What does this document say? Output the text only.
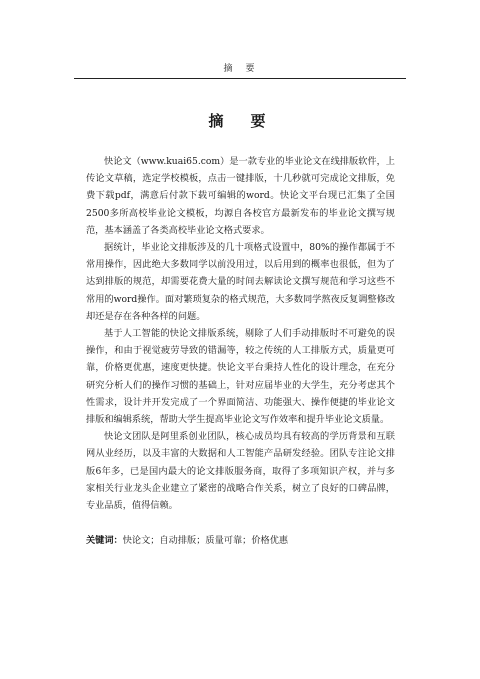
摘　要
摘　要

快论文（www.kuai65.com）是一款专业的毕业论文在线排版软件，上传论文草稿，选定学校模板，点击一键排版，十几秒就可完成论文排版，免费下载pdf，满意后付款下载可编辑的word。快论文平台现已汇集了全国2500多所高校毕业论文模板，均源自各校官方最新发布的毕业论文撰写规范，基本涵盖了各类高校毕业论文格式要求。

据统计，毕业论文排版涉及的几十项格式设置中，80%的操作都属于不常用操作，因此绝大多数同学以前没用过，以后用到的概率也很低，但为了达到排版的规范，却需要花费大量的时间去解读论文撰写规范和学习这些不常用的word操作。面对繁琐复杂的格式规范，大多数同学熬夜反复调整修改却还是存在各种各样的问题。

基于人工智能的快论文排版系统，剔除了人们手动排版时不可避免的误操作，和由于视觉疲劳导致的错漏等，较之传统的人工排版方式，质量更可靠，价格更优惠，速度更快捷。快论文平台秉持人性化的设计理念，在充分研究分析人们的操作习惯的基础上，针对应届毕业的大学生，充分考虑其个性需求，设计并开发完成了一个界面简洁、功能强大、操作便捷的毕业论文排版和编辑系统，帮助大学生提高毕业论文写作效率和提升毕业论文质量。

快论文团队是阿里系创业团队，核心成员均具有较高的学历背景和互联网从业经历，以及丰富的大数据和人工智能产品研发经验。团队专注论文排版6年多，已是国内最大的论文排版服务商，取得了多项知识产权，并与多家相关行业龙头企业建立了紧密的战略合作关系，树立了良好的口碑品牌，专业品质，值得信赖。

关键词：快论文；自动排版；质量可靠；价格优惠
